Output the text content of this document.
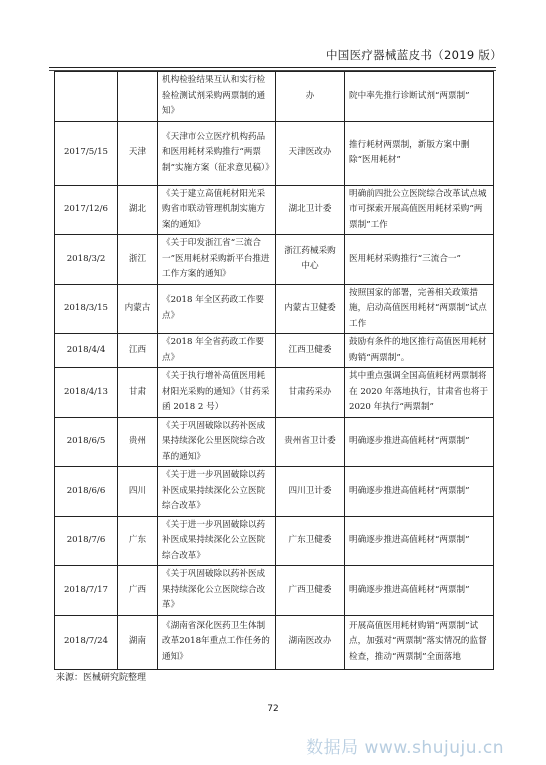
中国医疗器械蓝皮书（2019 版）
		机构检验结果互认和实行检验检测试剂采购两票制的通知》	办	院中率先推行诊断试剂“两票制”
2017/5/15	天津	《天津市公立医疗机构药品和医用耗材采购推行“两票制”实施方案（征求意见稿）》	天津医改办	推行耗材两票制，新版方案中删除“医用耗材”
2017/12/6	湖北	《关于建立高值耗材阳光采购省市联动管理机制实施方案的通知》	湖北卫计委	明确前四批公立医院综合改革试点城市可探索开展高值医用耗材采购“两票制”工作
2018/3/2	浙江	《关于印发浙江省“三流合一”医用耗材采购新平台推进工作方案的通知》	浙江药械采购中心	医用耗材采购推行“三流合一”
2018/3/15	内蒙古	《2018 年全区药政工作要点》	内蒙古卫健委	按照国家的部署，完善相关政策措施，启动高值医用耗材“两票制”试点工作
2018/4/4	江西	《2018 年全省药政工作要点》	江西卫健委	鼓励有条件的地区推行高值医用耗材购销“两票制”。
2018/4/13	甘肃	《关于执行增补高值医用耗材阳光采购的通知》（甘药采函 2018 2 号）	甘肃药采办	其中重点强调全国高值耗材两票制将在 2020 年落地执行，甘肃省也将于 2020 年执行“两票制”
2018/6/5	贵州	《关于巩固破除以药补医成果持续深化公里医院综合改革的通知》	贵州省卫计委	明确逐步推进高值耗材“两票制”
2018/6/6	四川	《关于进一步巩固破除以药补医成果持续深化公立医院综合改革》	四川卫计委	明确逐步推进高值耗材“两票制”
2018/7/6	广东	《关于进一步巩固破除以药补医成果持续深化公立医院综合改革》	广东卫健委	明确逐步推进高值耗材“两票制”
2018/7/17	广西	《关于巩固破除以药补医成果持续深化公立医院综合改革》	广西卫健委	明确逐步推进高值耗材“两票制”
2018/7/24	湖南	《湖南省深化医药卫生体制改革2018年重点工作任务的通知》	湖南医改办	开展高值医用耗材购销“两票制”试点，加强对“两票制”落实情况的监督检查，推动“两票制”全面落地
来源：医械研究院整理
72
数据局 www.shujuju.cn
